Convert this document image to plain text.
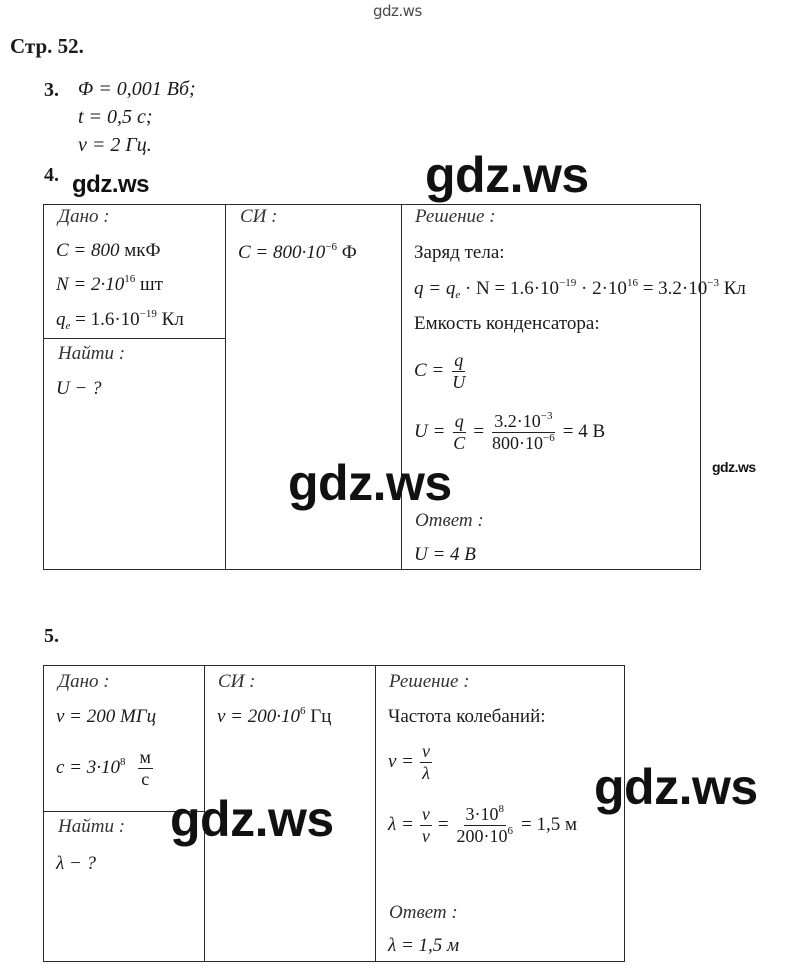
gdz.ws
Стр. 52.
3. Φ = 0,001 Вб;
t = 0,5 с;
ν = 2 Гц.
4. gdz.ws	gdz.ws
Дано :
C = 800 мкФ
$N = 2\cdot 10^{16}$ шт
$q_e = 1.6\cdot 10^{-19}$ Кл
Найти :
U − ?
СИ :
$C = 800\cdot 10^{-6}$ Ф
Решение :
Заряд тела:
$q = q_e \cdot N = 1.6\cdot 10^{-19} \cdot 2\cdot 10^{16} = 3.2\cdot 10^{-3}$ Кл
Емкость конденсатора:
$C = \frac{q}{U}$
$U = \frac{q}{C} = \frac{3.2\cdot 10^{-3}}{800\cdot 10^{-6}} = 4$ В
gdz.ws
gdz.ws
Ответ :
U = 4 В
5.
Дано :
ν = 200 МГц
$c = 3\cdot 10^8 \frac{м}{с}$
Найти :
λ − ?
СИ :
$\nu = 200\cdot 10^6$ Гц
Решение :
Частота колебаний:
$\nu = \frac{v}{\lambda}$
$\lambda = \frac{v}{\nu} = \frac{3\cdot 10^8}{200\cdot 10^6} = 1,5$ м
gdz.ws
gdz.ws
Ответ :
λ = 1,5 м
